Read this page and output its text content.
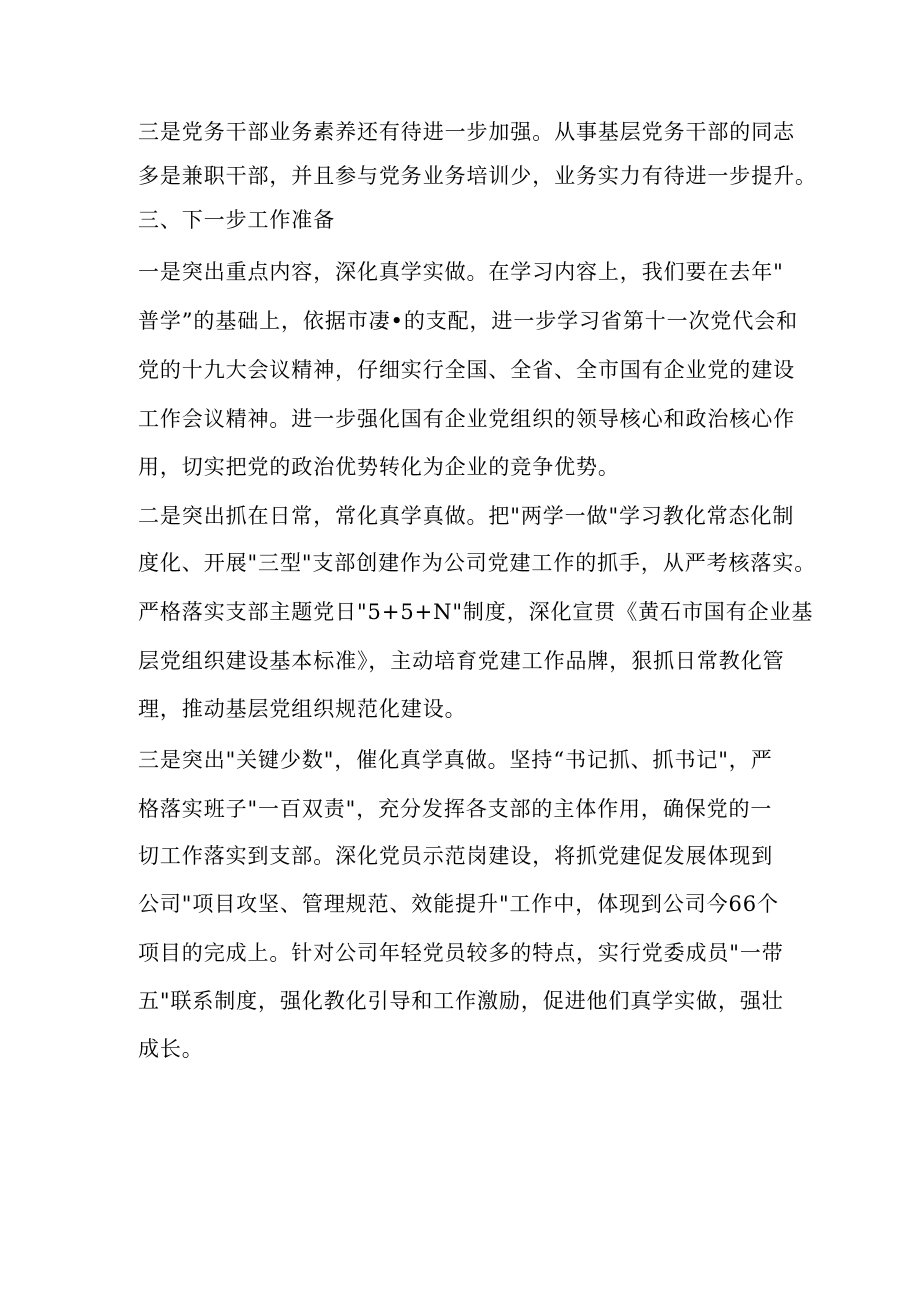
三是党务干部业务素养还有待进一步加强。从事基层党务干部的同志
多是兼职干部，并且参与党务业务培训少，业务实力有待进一步提升。
三、下一步工作准备
一是突出重点内容，深化真学实做。在学习内容上，我们要在去年"
普学”的基础上，依据市凄•的支配，进一步学习省第十一次党代会和
党的十九大会议精神，仔细实行全国、全省、全市国有企业党的建设
工作会议精神。进一步强化国有企业党组织的领导核心和政治核心作
用，切实把党的政治优势转化为企业的竞争优势。
二是突出抓在日常，常化真学真做。把"两学一做"学习教化常态化制
度化、开展"三型"支部创建作为公司党建工作的抓手，从严考核落实。
严格落实支部主题党日"5+5+N"制度，深化宣贯《黄石市国有企业基
层党组织建设基本标准》，主动培育党建工作品牌，狠抓日常教化管
理，推动基层党组织规范化建设。
三是突出"关键少数"，催化真学真做。坚持“书记抓、抓书记"，严
格落实班子"一百双责"，充分发挥各支部的主体作用，确保党的一
切工作落实到支部。深化党员示范岗建设，将抓党建促发展体现到
公司"项目攻坚、管理规范、效能提升"工作中，体现到公司今66个
项目的完成上。针对公司年轻党员较多的特点，实行党委成员"一带
五"联系制度，强化教化引导和工作激励，促进他们真学实做，强壮
成长。
